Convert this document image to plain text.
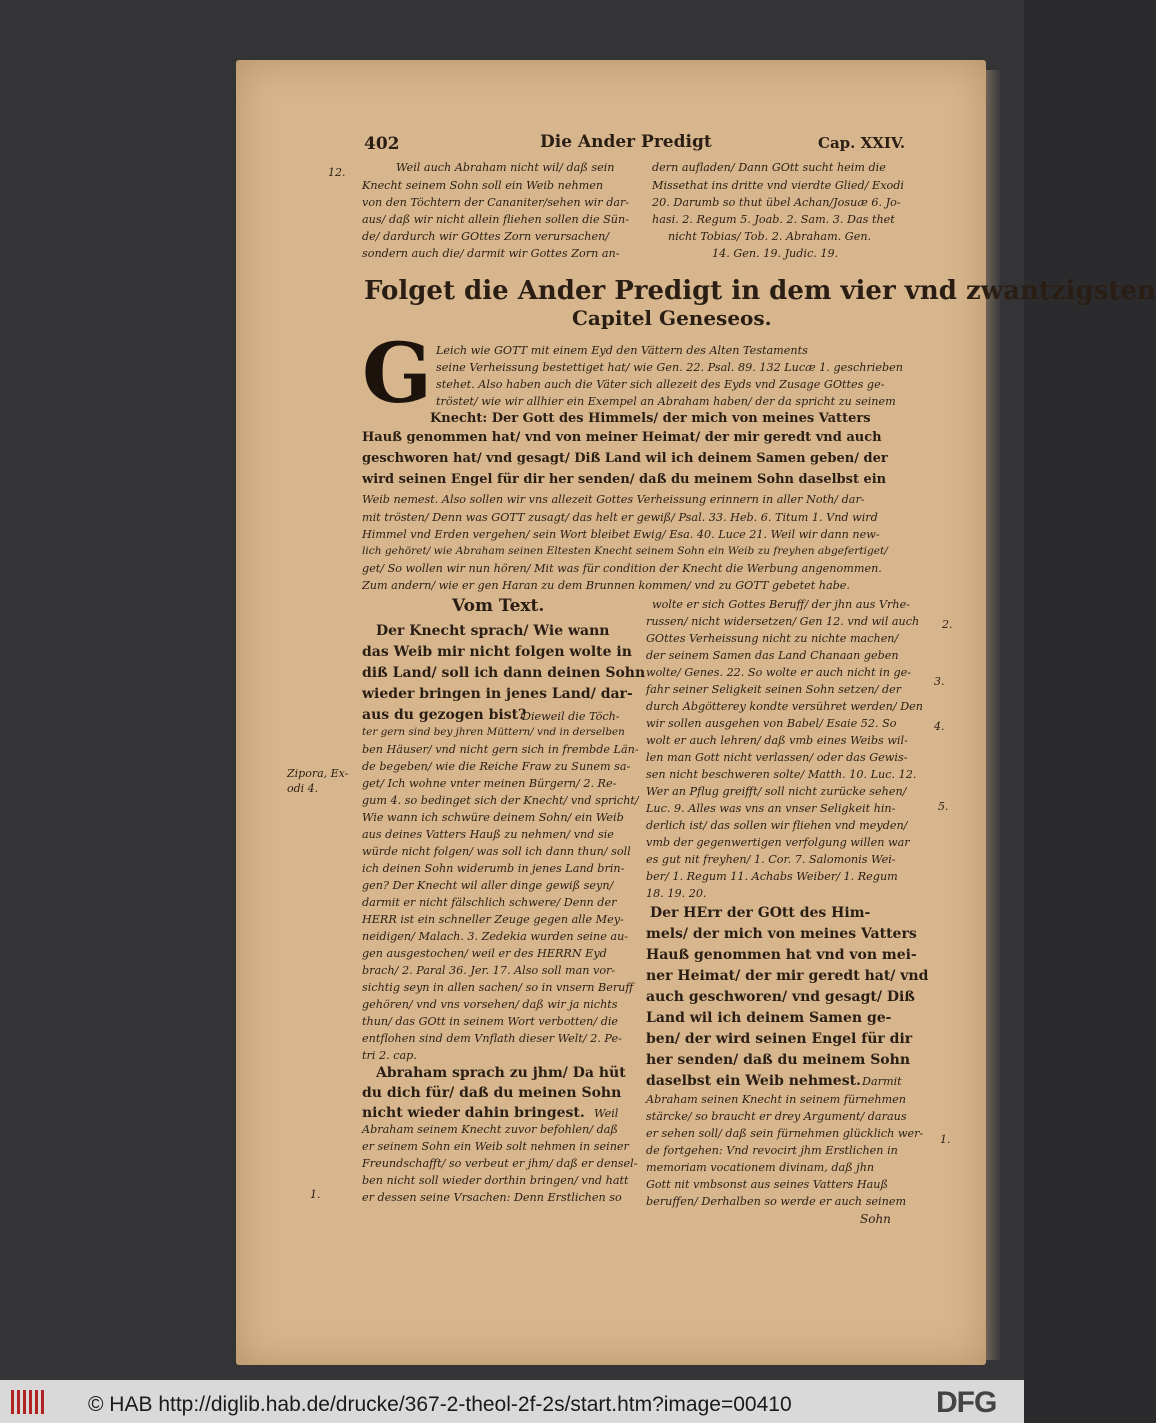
402	Die Ander Predigt	Cap. XXIV.
12.
Zipora, Ex-
odi 4.
1.
2.
3.
4.
5.
1.
Weil auch Abraham nicht wil/ daß sein
Knecht seinem Sohn soll ein Weib nehmen
von den Töchtern der Cananiter/sehen wir dar-
aus/ daß wir nicht allein fliehen sollen die Sün-
de/ dardurch wir GOttes Zorn verursachen/
sondern auch die/ darmit wir Gottes Zorn an-
dern aufladen/ Dann GOtt sucht heim die
Missethat ins dritte vnd vierdte Glied/ Exodi
20. Darumb so thut übel Achan/Josuæ 6. Jo-
hasi. 2. Regum 5. Joab. 2. Sam. 3. Das thet
nicht Tobias/ Tob. 2. Abraham. Gen.
14. Gen. 19. Judic. 19.
Folget die Ander Predigt in dem vier vnd zwantzigsten
Capitel Geneseos.
G Leich wie GOTT mit einem Eyd den Vättern des Alten Testaments
seine Verheissung bestettiget hat/ wie Gen. 22. Psal. 89. 132 Lucæ 1. geschrieben
stehet. Also haben auch die Väter sich allezeit des Eyds vnd Zusage GOttes ge-
tröstet/ wie wir allhier ein Exempel an Abraham haben/ der da spricht zu seinem
Knecht: Der Gott des Himmels/ der mich von meines Vatters
Hauß genommen hat/ vnd von meiner Heimat/ der mir geredt vnd auch
geschworen hat/ vnd gesagt/ Diß Land wil ich deinem Samen geben/ der
wird seinen Engel für dir her senden/ daß du meinem Sohn daselbst ein
Weib nemest. Also sollen wir vns allezeit Gottes Verheissung erinnern in aller Noth/ dar-
mit trösten/ Denn was GOTT zusagt/ das helt er gewiß/ Psal. 33. Heb. 6. Titum 1. Vnd wird
Himmel vnd Erden vergehen/ sein Wort bleibet Ewig/ Esa. 40. Luce 21. Weil wir dann new-
lich gehöret/ wie Abraham seinen Eltesten Knecht seinem Sohn ein Weib zu freyhen abgefertiget/
get/ So wollen wir nun hören/ Mit was für condition der Knecht die Werbung angenommen.
Zum andern/ wie er gen Haran zu dem Brunnen kommen/ vnd zu GOTT gebetet habe.
Vom Text.
Der Knecht sprach/ Wie wann
das Weib mir nicht folgen wolte in
diß Land/ soll ich dann deinen Sohn
wieder bringen in jenes Land/ dar-
aus du gezogen bist?
Dieweil die Töch-
ter gern sind bey jhren Müttern/ vnd in derselben
ben Häuser/ vnd nicht gern sich in frembde Län-
de begeben/ wie die Reiche Fraw zu Sunem sa-
get/ Ich wohne vnter meinen Bürgern/ 2. Re-
gum 4. so bedinget sich der Knecht/ vnd spricht/
Wie wann ich schwüre deinem Sohn/ ein Weib
aus deines Vatters Hauß zu nehmen/ vnd sie
würde nicht folgen/ was soll ich dann thun/ soll
ich deinen Sohn widerumb in jenes Land brin-
gen? Der Knecht wil aller dinge gewiß seyn/
darmit er nicht fälschlich schwere/ Denn der
HERR ist ein schneller Zeuge gegen alle Mey-
neidigen/ Malach. 3. Zedekia wurden seine au-
gen ausgestochen/ weil er des HERRN Eyd
brach/ 2. Paral 36. Jer. 17. Also soll man vor-
sichtig seyn in allen sachen/ so in vnsern Beruff
gehören/ vnd vns vorsehen/ daß wir ja nichts
thun/ das GOtt in seinem Wort verbotten/ die
entflohen sind dem Vnflath dieser Welt/ 2. Pe-
tri 2. cap.
Abraham sprach zu jhm/ Da hüt
du dich für/ daß du meinen Sohn
nicht wieder dahin bringest. Weil
Abraham seinem Knecht zuvor befohlen/ daß
er seinem Sohn ein Weib solt nehmen in seiner
Freundschafft/ so verbeut er jhm/ daß er densel-
ben nicht soll wieder dorthin bringen/ vnd hatt
er dessen seine Vrsachen: Denn Erstlichen so
wolte er sich Gottes Beruff/ der jhn aus Vrhe-
russen/ nicht widersetzen/ Gen 12. vnd wil auch
GOttes Verheissung nicht zu nichte machen/
der seinem Samen das Land Chanaan geben
wolte/ Genes. 22. So wolte er auch nicht in ge-
fahr seiner Seligkeit seinen Sohn setzen/ der
durch Abgötterey kondte versühret werden/ Den
wir sollen ausgehen von Babel/ Esaie 52. So
wolt er auch lehren/ daß vmb eines Weibs wil-
len man Gott nicht verlassen/ oder das Gewis-
sen nicht beschweren solte/ Matth. 10. Luc. 12.
Wer an Pflug greifft/ soll nicht zurücke sehen/
Luc. 9. Alles was vns an vnser Seligkeit hin-
derlich ist/ das sollen wir fliehen vnd meyden/
vmb der gegenwertigen verfolgung willen war
es gut nit freyhen/ 1. Cor. 7. Salomonis Wei-
ber/ 1. Regum 11. Achabs Weiber/ 1. Regum
18. 19. 20.
Der HErr der GOtt des Him-
mels/ der mich von meines Vatters
Hauß genommen hat vnd von mei-
ner Heimat/ der mir geredt hat/ vnd
auch geschworen/ vnd gesagt/ Diß
Land wil ich deinem Samen ge-
ben/ der wird seinen Engel für dir
her senden/ daß du meinem Sohn
daselbst ein Weib nehmest. Darmit
Abraham seinen Knecht in seinem fürnehmen
stärcke/ so braucht er drey Argument/ daraus
er sehen soll/ daß sein fürnehmen glücklich wer-
de fortgehen: Vnd revocirt jhm Erstlichen in
memoriam vocationem divinam, daß jhn
Gott nit vmbsonst aus seines Vatters Hauß
beruffen/ Derhalben so werde er auch seinem
Sohn
© HAB http://diglib.hab.de/drucke/367-2-theol-2f-2s/start.htm?image=00410	DFG
